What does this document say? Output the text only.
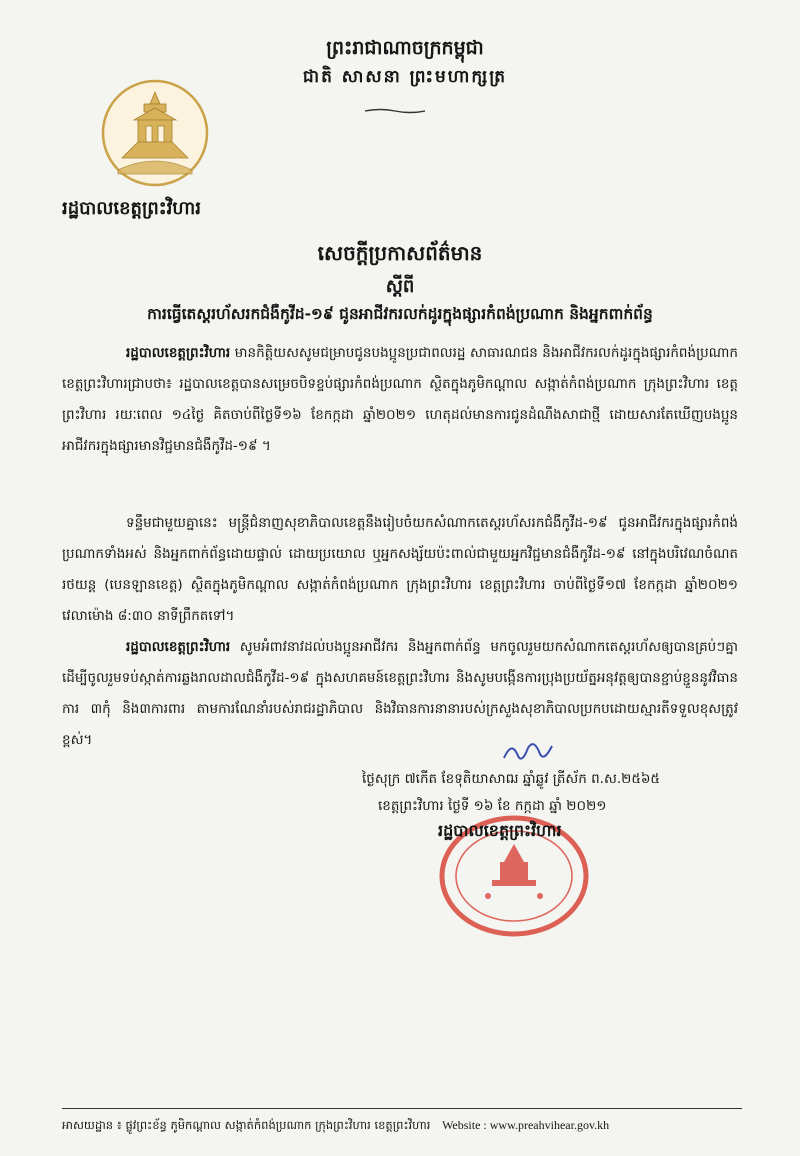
ព្រះរាជាណាចក្រកម្ពុជា
ជាតិ សាសនា ព្រះមហាក្សត្រ
រដ្ឋបាលខេត្តព្រះវិហារ
សេចក្តីប្រកាសព័ត៌មាន
ស្តីពី
ការធ្វើតេស្តរហ័សរកជំងឺកូវីដ-១៩ ជូនអាជីវករលក់ដូរក្នុងផ្សារកំពង់ប្រណាក និងអ្នកពាក់ព័ន្ធ
រដ្ឋបាលខេត្តព្រះវិហារ មានកិត្តិយសសូមជម្រាបជូនបងប្អូនប្រជាពលរដ្ឋ សាធារណជន និងអាជីវករលក់ដូរក្នុងផ្សារកំពង់ប្រណាក ខេត្តព្រះវិហារជ្រាបថា៖ រដ្ឋបាលខេត្តបានសម្រេចបិទខ្ទប់ផ្សារកំពង់ប្រណាក ស្ថិតក្នុងភូមិកណ្តាល សង្កាត់កំពង់ប្រណាក ក្រុងព្រះវិហារ ខេត្តព្រះវិហារ រយៈពេល ១៤ថ្ងៃ គិតចាប់ពីថ្ងៃទី១៦ ខែកក្កដា ឆ្នាំ២០២១ ហេតុដល់មានការជូនដំណឹងសាជាថ្មី ដោយសារតែឃើញបងប្អូនអាជីវករក្នុងផ្សារមានវិជ្ជមានជំងឺកូវីដ-១៩ ។
ទន្ទឹមជាមួយគ្នានេះ មន្ត្រីជំនាញសុខាភិបាលខេត្តនឹងរៀបចំយកសំណាកតេស្តរហ័សរកជំងឺកូវីដ-១៩ ជូនអាជីវករក្នុងផ្សារកំពង់ប្រណាកទាំងអស់ និងអ្នកពាក់ព័ន្ធដោយផ្ទាល់ ដោយប្រយោល ឬអ្នកសង្ស័យប៉ះពាល់ជាមួយអ្នកវិជ្ជមានជំងឺកូវីដ-១៩ នៅក្នុងបរិវេណចំណតរថយន្ត (បេនឡានខេត្ត) ស្ថិតក្នុងភូមិកណ្តាល សង្កាត់កំពង់ប្រណាក ក្រុងព្រះវិហារ ខេត្តព្រះវិហារ ចាប់ពីថ្ងៃទី១៧ ខែកក្កដា ឆ្នាំ២០២១ វេលាម៉ោង ៨:៣០ នាទីព្រឹកតទៅ។
រដ្ឋបាលខេត្តព្រះវិហារ សូមអំពាវនាវដល់បងប្អូនអាជីវករ និងអ្នកពាក់ព័ន្ធ មកចូលរួមយកសំណាកតេស្តរហ័សឲ្យបានគ្រប់ៗគ្នា ដើម្បីចូលរួមទប់ស្កាត់ការឆ្លងរាលដាលជំងឺកូវីដ-១៩ ក្នុងសហគមន៍ខេត្តព្រះវិហារ និងសូមបង្កើនការប្រុងប្រយ័ត្នអនុវត្តឲ្យបានខ្ជាប់ខ្ជួននូវវិធានការ ៣កុំ និង៣ការពារ តាមការណែនាំរបស់រាជរដ្ឋាភិបាល និងវិធានការនានារបស់ក្រសួងសុខាភិបាលប្រកបដោយស្មារតីទទួលខុសត្រូវខ្ពស់។
ថ្ងៃសុក្រ ៧កើត ខែទុតិយាសាឍ ឆ្នាំឆ្លូវ ត្រីស័ក ព.ស.២៥៦៥
ខេត្តព្រះវិហារ ថ្ងៃទី ១៦ ខែ កក្កដា ឆ្នាំ ២០២១
រដ្ឋបាលខេត្តព្រះវិហារ
អាសយដ្ឋាន ៖ ផ្លូវព្រះខ័ន្ធ ភូមិកណ្តាល សង្កាត់កំពង់ប្រណាក ក្រុងព្រះវិហារ ខេត្តព្រះវិហារ Website : www.preahvihear.gov.kh
